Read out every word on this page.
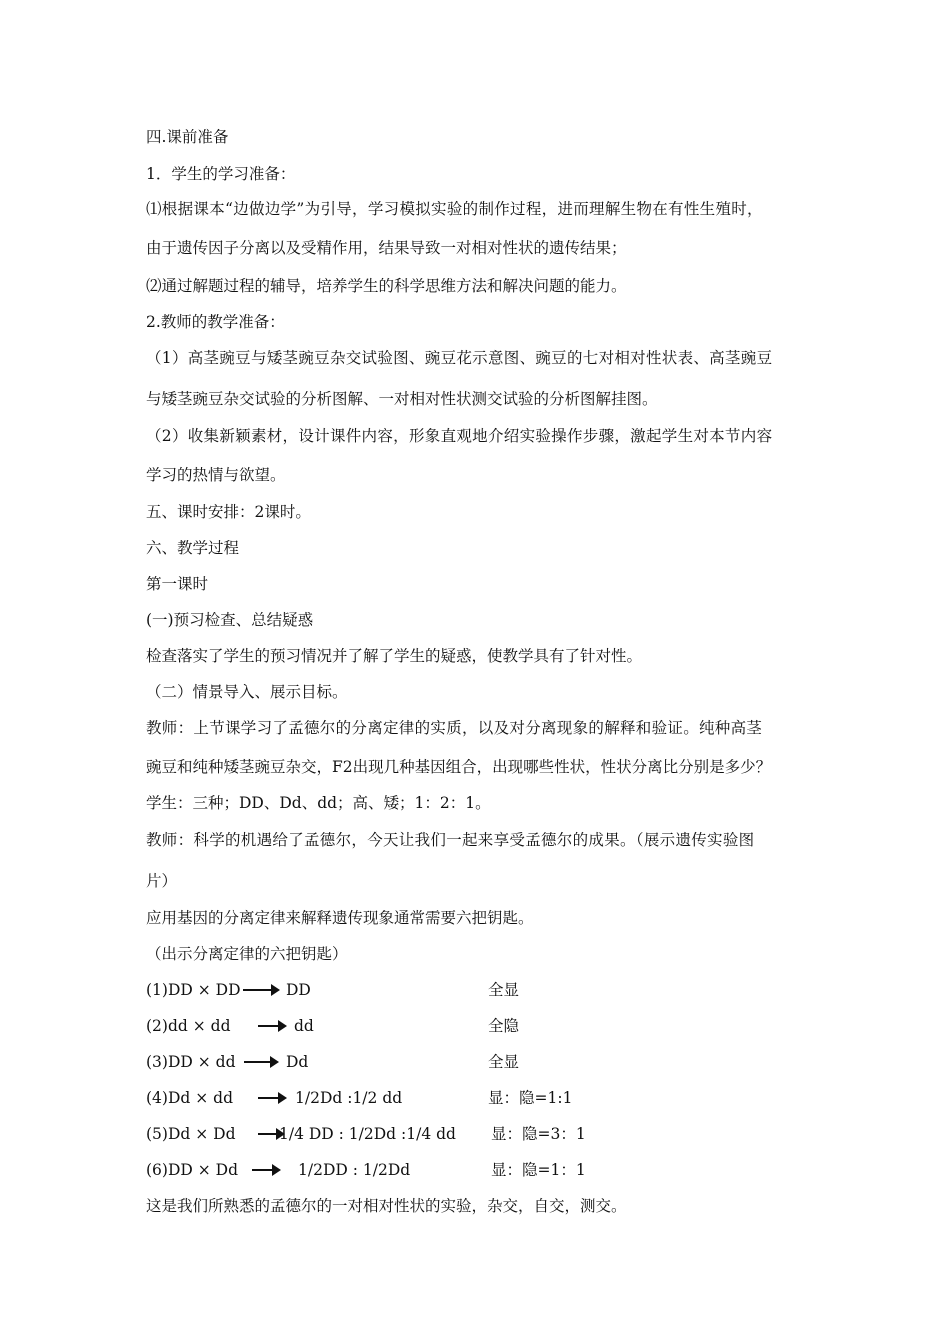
四.课前准备
1．学生的学习准备：
⑴根据课本“边做边学”为引导，学习模拟实验的制作过程，进而理解生物在有性生殖时，
由于遗传因子分离以及受精作用，结果导致一对相对性状的遗传结果；
⑵通过解题过程的辅导，培养学生的科学思维方法和解决问题的能力。
2.教师的教学准备：
（1）高茎豌豆与矮茎豌豆杂交试验图、豌豆花示意图、豌豆的七对相对性状表、高茎豌豆
与矮茎豌豆杂交试验的分析图解、一对相对性状测交试验的分析图解挂图。
（2）收集新颖素材，设计课件内容，形象直观地介绍实验操作步骤，激起学生对本节内容
学习的热情与欲望。
五、课时安排：2课时。
六、教学过程
第一课时
(一)预习检查、总结疑惑
检查落实了学生的预习情况并了解了学生的疑惑，使教学具有了针对性。
（二）情景导入、展示目标。
教师：上节课学习了孟德尔的分离定律的实质，以及对分离现象的解释和验证。纯种高茎
豌豆和纯种矮茎豌豆杂交，F2出现几种基因组合，出现哪些性状，性状分离比分别是多少？
学生：三种；DD、Dd、dd；高、矮；1：2：1。
教师：科学的机遇给了孟德尔，今天让我们一起来享受孟德尔的成果。（展示遗传实验图
片）
应用基因的分离定律来解释遗传现象通常需要六把钥匙。
（出示分离定律的六把钥匙）
(1)DD × DD	DD	全显
(2)dd × dd	dd	全隐
(3)DD × dd	Dd	全显
(4)Dd × dd	1/2Dd :1/2 dd	显：隐=1:1
(5)Dd × Dd	1/4 DD : 1/2Dd :1/4 dd 显：隐=3：1
(6)DD × Dd	1/2DD : 1/2Dd	显：隐=1：1
这是我们所熟悉的孟德尔的一对相对性状的实验，杂交，自交，测交。
